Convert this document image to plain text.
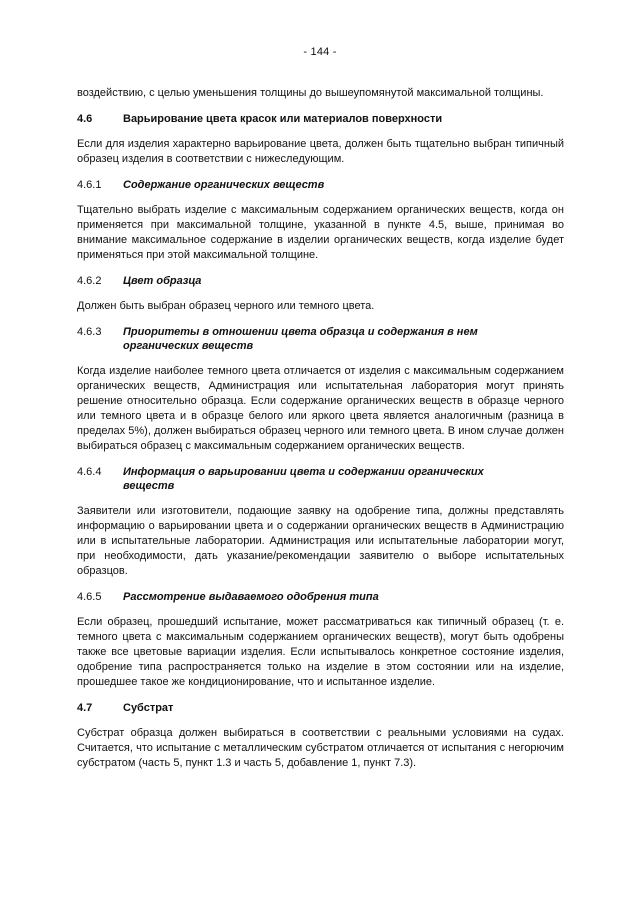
- 144 -

воздействию, с целью уменьшения толщины до вышеупомянутой максимальной толщины.

4.6	Варьирование цвета красок или материалов поверхности

Если для изделия характерно варьирование цвета, должен быть тщательно выбран типичный образец изделия в соответствии с нижеследующим.

4.6.1	Содержание органических веществ

Тщательно выбрать изделие с максимальным содержанием органических веществ, когда он применяется при максимальной толщине, указанной в пункте 4.5, выше, принимая во внимание максимальное содержание в изделии органических веществ, когда изделие будет применяться при этой максимальной толщине.

4.6.2	Цвет образца

Должен быть выбран образец черного или темного цвета.

4.6.3	Приоритеты в отношении цвета образца и содержания в нем органических веществ

Когда изделие наиболее темного цвета отличается от изделия с максимальным содержанием органических веществ, Администрация или испытательная лаборатория могут принять решение относительно образца. Если содержание органических веществ в образце черного или темного цвета и в образце белого или яркого цвета является аналогичным (разница в пределах 5%), должен выбираться образец черного или темного цвета. В ином случае должен выбираться образец с максимальным содержанием органических веществ.

4.6.4	Информация о варьировании цвета и содержании органических веществ

Заявители или изготовители, подающие заявку на одобрение типа, должны представлять информацию о варьировании цвета и о содержании органических веществ в Администрацию или в испытательные лаборатории. Администрация или испытательные лаборатории могут, при необходимости, дать указание/рекомендации заявителю о выборе испытательных образцов.

4.6.5	Рассмотрение выдаваемого одобрения типа

Если образец, прошедший испытание, может рассматриваться как типичный образец (т. е. темного цвета с максимальным содержанием органических веществ), могут быть одобрены также все цветовые вариации изделия. Если испытывалось конкретное состояние изделия, одобрение типа распространяется только на изделие в этом состоянии или на изделие, прошедшее такое же кондиционирование, что и испытанное изделие.

4.7	Субстрат

Субстрат образца должен выбираться в соответствии с реальными условиями на судах. Считается, что испытание с металлическим субстратом отличается от испытания с негорючим субстратом (часть 5, пункт 1.3 и часть 5, добавление 1, пункт 7.3).
